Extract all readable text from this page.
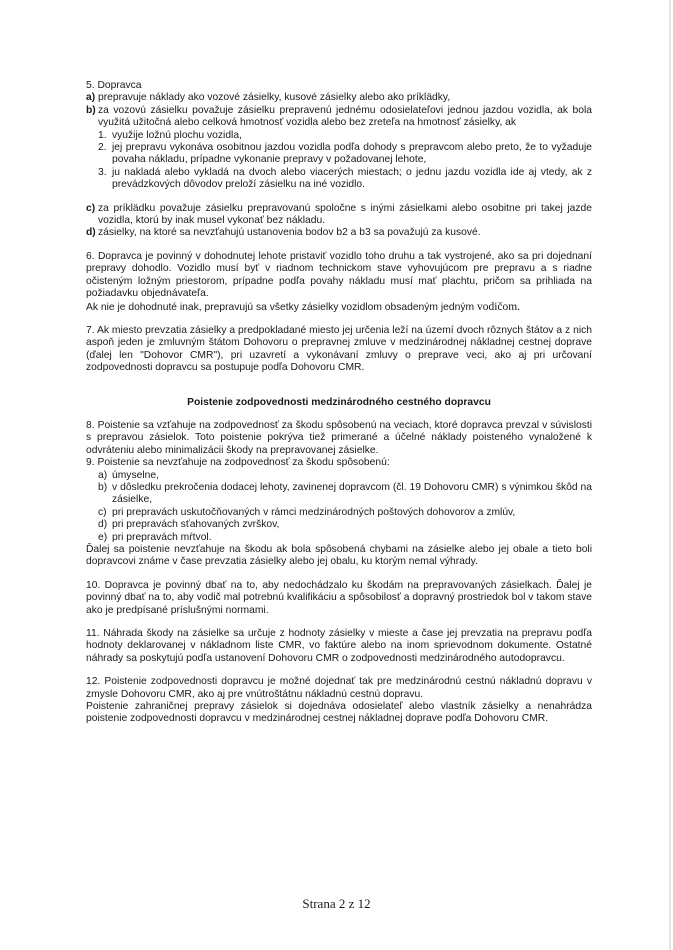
5. Dopravca

a) prepravuje náklady ako vozové zásielky, kusové zásielky alebo ako príklädky,
b) za vozovú zásielku považuje zásielku prepravenú jednému odosielateľovi jednou jazdou vozidla, ak bola využitá užitočná alebo celková hmotnosť vozidla alebo bez zreteľa na hmotnosť zásielky, ak
1. využije ložnú plochu vozidla,
2. jej prepravu vykonáva osobitnou jazdou vozidla podľa dohody s prepravcom alebo preto, že to vyžaduje povaha nákladu, prípadne vykonanie prepravy v požadovanej lehote,
3. ju nakladá alebo vykladá na dvoch alebo viacerých miestach; o jednu jazdu vozidla ide aj vtedy, ak z prevádzkových dôvodov preloží zásielku na iné vozidlo.
c) za príklädku považuje zásielku prepravovanú spoločne s inými zásielkami alebo osobitne pri takej jazde vozidla, ktorú by inak musel vykonať bez nákladu.
d) zásielky, na ktoré sa nevzťahujú ustanovenia bodov b2 a b3 sa považujú za kusové.

6. Dopravca je povinný v dohodnutej lehote pristaviť vozidlo toho druhu a tak vystrojené, ako sa pri dojednaní prepravy dohodlo. Vozidlo musí byť v riadnom technickom stave vyhovujúcom pre prepravu a s riadne očisteným ložným priestorom, prípadne podľa povahy nákladu musí mať plachtu, pričom sa prihliada na požiadavku objednávateľa.

Ak nie je dohodnuté inak, prepravujú sa všetky zásielky vozidlom obsadeným jedným vodičom.

7. Ak miesto prevzatia zásielky a predpokladané miesto jej určenia leží na území dvoch rôznych štátov a z nich aspoň jeden je zmluvným štátom Dohovoru o prepravnej zmluve v medzinárodnej nákladnej cestnej doprave (ďalej len "Dohovor CMR"), pri uzavretí a vykonávaní zmluvy o preprave veci, ako aj pri určovaní zodpovednosti dopravcu sa postupuje podľa Dohovoru CMR.

Poistenie zodpovednosti medzinárodného cestného dopravcu

8. Poistenie sa vzťahuje na zodpovednosť za škodu spôsobenú na veciach, ktoré dopravca prevzal v súvislosti s prepravou zásielok. Toto poistenie pokrýva tiež primerané a účelné náklady poisteného vynaložené k odvráteniu alebo minimalizácii škody na prepravovanej zásielke.

9. Poistenie sa nevzťahuje na zodpovednosť za škodu spôsobenú:

a) úmyselne,
b) v dôsledku prekročenia dodacej lehoty, zavinenej dopravcom (čl. 19 Dohovoru CMR) s výnimkou škôd na zásielke,
c) pri prepravách uskutočňovaných v rámci medzinárodných poštových dohovorov a zmlúv,
d) pri prepravách sťahovaných zvrškov,
e) pri prepravách mŕtvol.

Ďalej sa poistenie nevzťahuje na škodu ak bola spôsobená chybami na zásielke alebo jej obale a tieto boli dopravcovi známe v čase prevzatia zásielky alebo jej obalu, ku ktorým nemal výhrady.

10. Dopravca je povinný dbať na to, aby nedochádzalo ku škodám na prepravovaných zásielkach. Ďalej je povinný dbať na to, aby vodič mal potrebnú kvalifikáciu a spôsobilosť a dopravný prostriedok bol v takom stave ako je predpísané príslušnými normami.

11. Náhrada škody na zásielke sa určuje z hodnoty zásielky v mieste a čase jej prevzatia na prepravu podľa hodnoty deklarovanej v nákladnom liste CMR, vo faktúre alebo na inom sprievodnom dokumente. Ostatné náhrady sa poskytujú podľa ustanovení Dohovoru CMR o zodpovednosti medzinárodného autodopravcu.

12. Poistenie zodpovednosti dopravcu je možné dojednať tak pre medzinárodnú cestnú nákladnú dopravu v zmysle Dohovoru CMR, ako aj pre vnútroštátnu nákladnú cestnú dopravu.

Poistenie zahraničnej prepravy zásielok si dojednáva odosielateľ alebo vlastník zásielky a nenahrádza poistenie zodpovednosti dopravcu v medzinárodnej cestnej nákladnej doprave podľa Dohovoru CMR.

Strana 2 z 12
